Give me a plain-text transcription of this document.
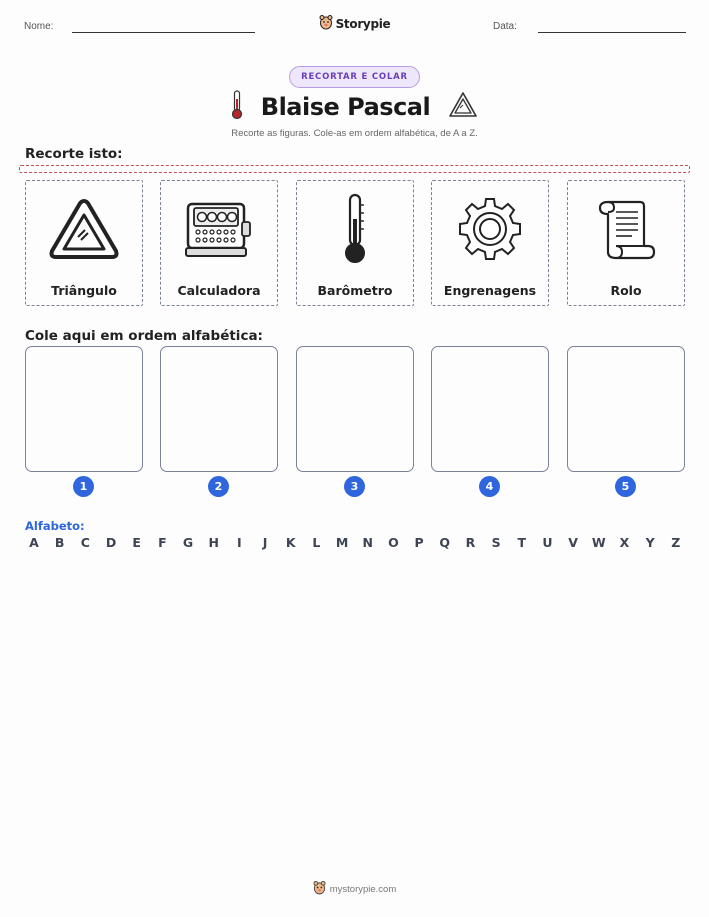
Nome:	Storypie	Data:
RECORTAR E COLAR
Blaise Pascal
Recorte as figuras. Cole-as em ordem alfabética, de A a Z.
Recorte isto:
Triângulo	Calculadora	Barômetro	Engrenagens	Rolo
Cole aqui em ordem alfabética:
1	2	3	4	5
Alfabeto:
A B C D E F G H	I	J	K L M N O P Q R S T U V W X Y Z
mystorypie.com
